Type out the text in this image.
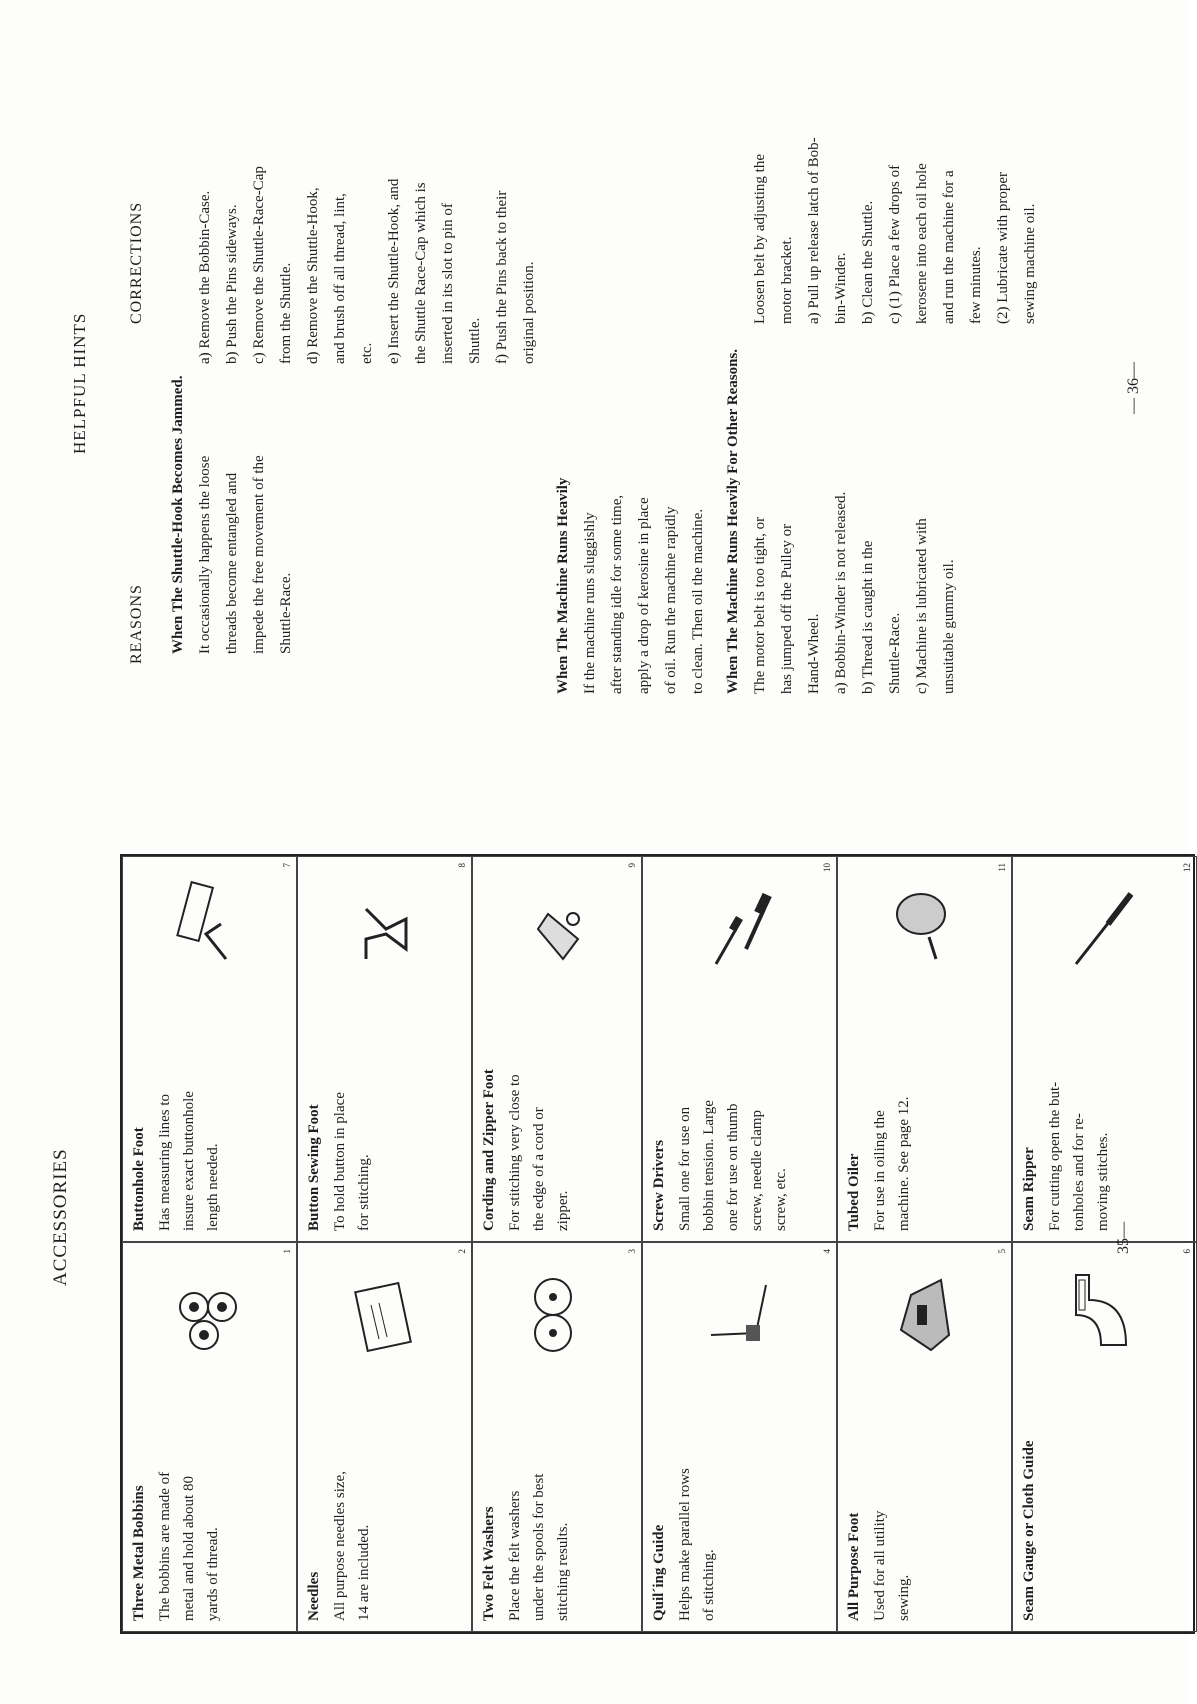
ACCESSORIES
Three Metal Bobbins The bobbins are made of metal and hold about 80 yards of thread.
1
Needles All purpose needles size, 14 are included.
2
Two Felt Washers Place the felt washers under the spools for best stitching results.
3
Quil´ing Guide Helps make parallel rows of stitching.
4
All Purpose Foot Used for all utility sewing.
5
Seam Gauge or Cloth Guide
6
Buttonhole Foot Has measuring lines to insure exact buttonhole length needed.
7
Button Sewing Foot To hold button in place for stitching.
8
Cording and Zipper Foot For stitching very close to the edge of a cord or zipper.
9
Screw Drivers Small one for use on bobbin tension. Large one for use on thumb screw, needle clamp screw, etc.
10
Tubed Oiler For use in oiling the machine. See page 12.
11
Seam Ripper For cutting open the but- tonholes and for re- moving stitches.
12
35—
HELPFUL HINTS
REASONS
CORRECTIONS
When The Shuttle-Hook Becomes Jammed. It occasionally happens the loose threads become entangled and impede the free movement of the Shuttle-Race.
a) Remove the Bobbin-Case. b) Push the Pins sideways. c) Remove the Shuttle-Race-Cap from the Shuttle. d) Remove the Shuttle-Hook, and brush off all thread, lint, etc. e) Insert the Shuttle-Hook, and the Shuttle Race-Cap which is inserted in its slot to pin of Shuttle. f) Push the Pins back to their original position.
When The Machine Runs Heavily If the machine runs sluggishly after standing idle for some time, apply a drop of kerosine in place of oil. Run the machine rapidly to clean. Then oil the machine.	When The Machine Runs Heavily For Other Reasons. The motor belt is too tight, or has jumped off the Pulley or Hand-Wheel. a) Bobbin-Winder is not released. b) Thread is caught in the Shuttle-Race. c) Machine is lubricated with unsuitable gummy oil.
Loosen belt by adjusting the motor bracket. a) Pull up release latch of Bob- bin-Winder. b) Clean the Shuttle. c) (1) Place a few drops of kerosene into each oil hole and run the machine for a few minutes. (2) Lubricate with proper sewing machine oil.
— 36—
